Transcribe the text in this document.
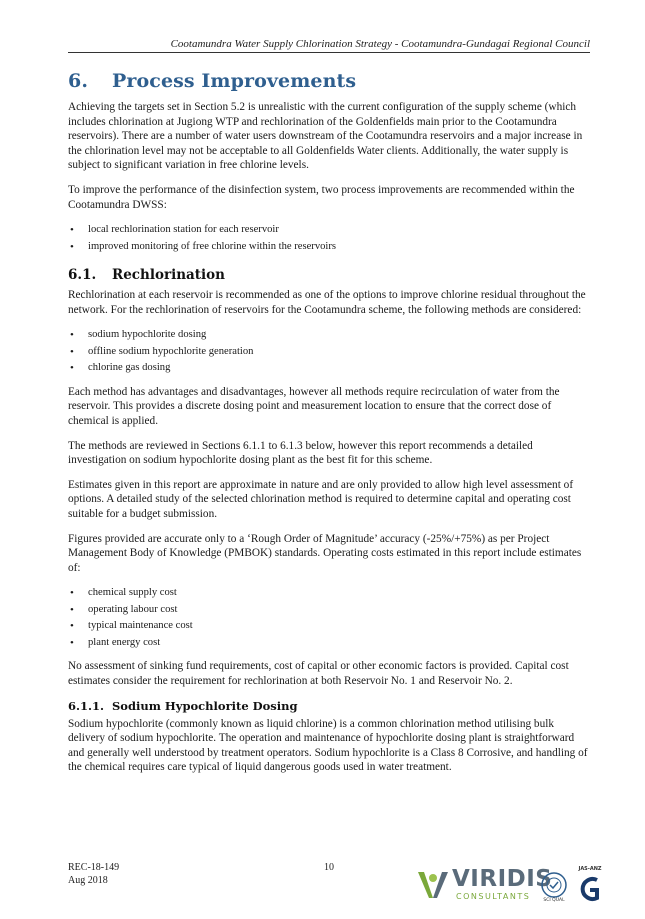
Cootamundra Water Supply Chlorination Strategy - Cootamundra-Gundagai Regional Council
6. Process Improvements

Achieving the targets set in Section 5.2 is unrealistic with the current configuration of the supply scheme (which includes chlorination at Jugiong WTP and rechlorination of the Goldenfields main prior to the Cootamundra reservoirs). There are a number of water users downstream of the Cootamundra reservoirs and a major increase in the chlorination level may not be acceptable to all Goldenfields Water clients. Additionally, the water supply is subject to significant variation in free chlorine levels.

To improve the performance of the disinfection system, two process improvements are recommended within the Cootamundra DWSS:

• local rechlorination station for each reservoir
• improved monitoring of free chlorine within the reservoirs
6.1. Rechlorination

Rechlorination at each reservoir is recommended as one of the options to improve chlorine residual throughout the network. For the rechlorination of reservoirs for the Cootamundra scheme, the following methods are considered:

• sodium hypochlorite dosing
• offline sodium hypochlorite generation
• chlorine gas dosing

Each method has advantages and disadvantages, however all methods require recirculation of water from the reservoir. This provides a discrete dosing point and measurement location to ensure that the correct dose of chemical is applied.

The methods are reviewed in Sections 6.1.1 to 6.1.3 below, however this report recommends a detailed investigation on sodium hypochlorite dosing plant as the best fit for this scheme.

Estimates given in this report are approximate in nature and are only provided to allow high level assessment of options. A detailed study of the selected chlorination method is required to determine capital and operating cost suitable for a budget submission.

Figures provided are accurate only to a ‘Rough Order of Magnitude’ accuracy (-25%/+75%) as per Project Management Body of Knowledge (PMBOK) standards. Operating costs estimated in this report include estimates of:

• chemical supply cost
• operating labour cost
• typical maintenance cost
• plant energy cost

No assessment of sinking fund requirements, cost of capital or other economic factors is provided. Capital cost estimates consider the requirement for rechlorination at both Reservoir No. 1 and Reservoir No. 2.

6.1.1. Sodium Hypochlorite Dosing

Sodium hypochlorite (commonly known as liquid chlorine) is a common chlorination method utilising bulk delivery of sodium hypochlorite. The operation and maintenance of hypochlorite dosing plant is straightforward and generally well understood by treatment operators. Sodium hypochlorite is a Class 8 Corrosive, and handling of the chemical requires care typical of liquid dangerous goods used in water treatment.

REC-18-149
Aug 2018
10	VIRIDIS
CONSULTANTS	SCI QUAL
JAS-ANZ
